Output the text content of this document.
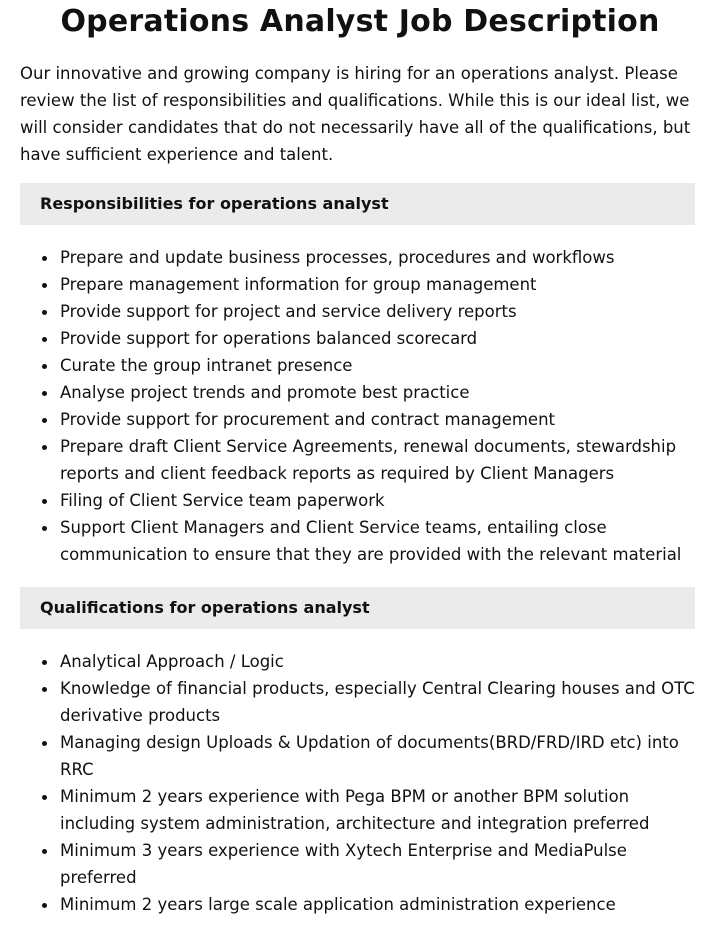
Operations Analyst Job Description

Our innovative and growing company is hiring for an operations analyst. Please review the list of responsibilities and qualifications. While this is our ideal list, we will consider candidates that do not necessarily have all of the qualifications, but have sufficient experience and talent.

Responsibilities for operations analyst
Prepare and update business processes, procedures and workflows
Prepare management information for group management
Provide support for project and service delivery reports
Provide support for operations balanced scorecard
Curate the group intranet presence
Analyse project trends and promote best practice
Provide support for procurement and contract management
Prepare draft Client Service Agreements, renewal documents, stewardship reports and client feedback reports as required by Client Managers
Filing of Client Service team paperwork
Support Client Managers and Client Service teams, entailing close communication to ensure that they are provided with the relevant material
Qualifications for operations analyst
Analytical Approach / Logic
Knowledge of financial products, especially Central Clearing houses and OTC derivative products
Managing design Uploads & Updation of documents(BRD/FRD/IRD etc) into RRC
Minimum 2 years experience with Pega BPM or another BPM solution including system administration, architecture and integration preferred
Minimum 3 years experience with Xytech Enterprise and MediaPulse preferred
Minimum 2 years large scale application administration experience
